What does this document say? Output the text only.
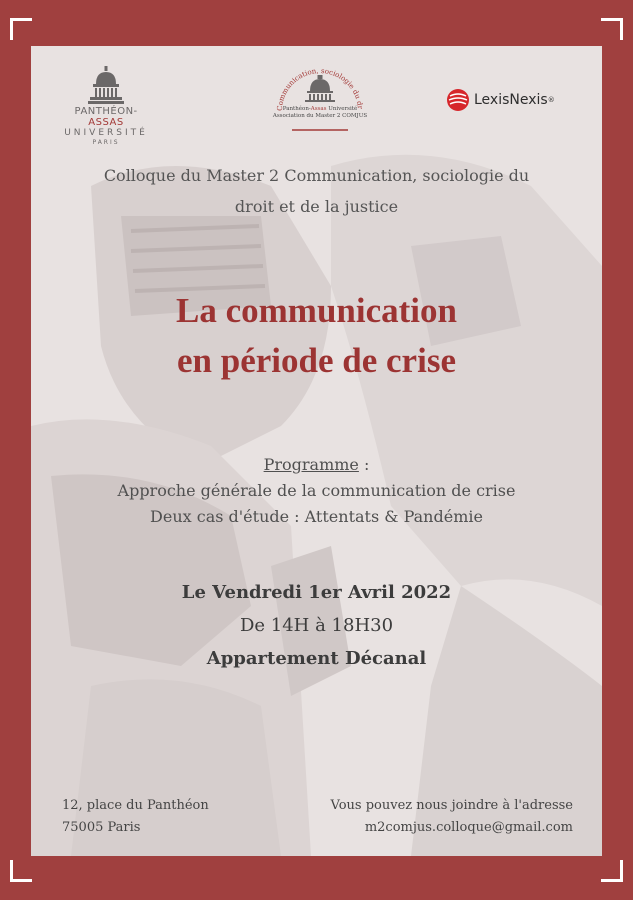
PANTHÉON-ASSAS
UNIVERSITÉ
PARIS
Communication, sociologie du dr
Panthéon-Assas Université
Association du Master 2 COMJUS
LexisNexis ®
Colloque du Master 2 Communication, sociologie du
droit et de la justice
La communication
en période de crise
Programme :
Approche générale de la communication de crise
Deux cas d'étude : Attentats & Pandémie
Le Vendredi 1er Avril 2022
De 14H à 18H30
Appartement Décanal
12, place du Panthéon
75005 Paris
Vous pouvez nous joindre à l'adresse
m2comjus.colloque@gmail.com
